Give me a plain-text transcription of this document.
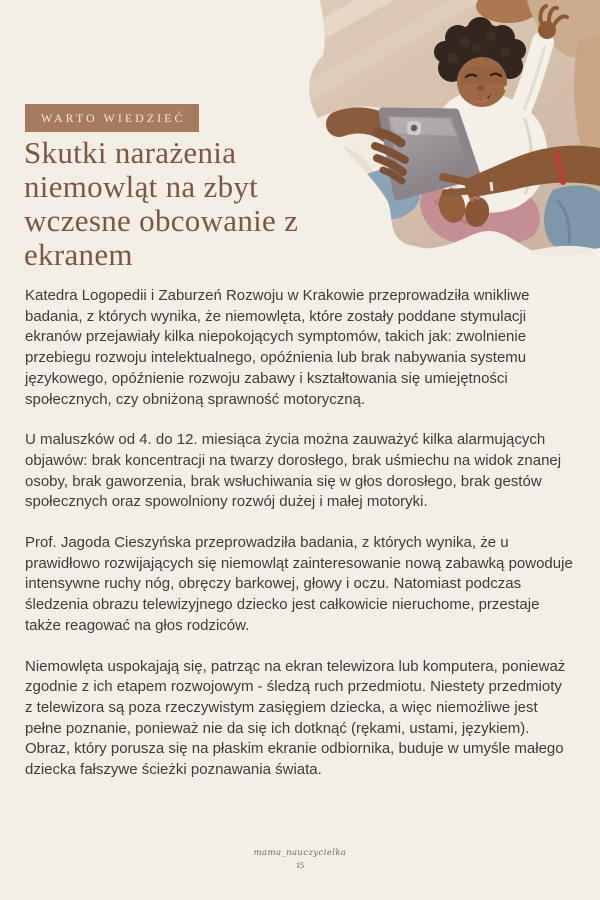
WARTO WIEDZIEĆ
Skutki narażenia niemowląt na zbyt wczesne obcowanie z ekranem

Katedra Logopedii i Zaburzeń Rozwoju w Krakowie przeprowadziła wnikliwe badania, z których wynika, że niemowlęta, które zostały poddane stymulacji ekranów przejawiały kilka niepokojących symptomów, takich jak: zwolnienie przebiegu rozwoju intelektualnego, opóźnienia lub brak nabywania systemu językowego, opóźnienie rozwoju zabawy i kształtowania się umiejętności społecznych, czy obniżoną sprawność motoryczną.

U maluszków od 4. do 12. miesiąca życia można zauważyć kilka alarmujących objawów: brak koncentracji na twarzy dorosłego, brak uśmiechu na widok znanej osoby, brak gaworzenia, brak wsłuchiwania się w głos dorosłego, brak gestów społecznych oraz spowolniony rozwój dużej i małej motoryki.

Prof. Jagoda Cieszyńska przeprowadziła badania, z których wynika, że u prawidłowo rozwijających się niemowląt zainteresowanie nową zabawką powoduje intensywne ruchy nóg, obręczy barkowej, głowy i oczu. Natomiast podczas śledzenia obrazu telewizyjnego dziecko jest całkowicie nieruchome, przestaje także reagować na głos rodziców.

Niemowlęta uspokajają się, patrząc na ekran telewizora lub komputera, ponieważ zgodnie z ich etapem rozwojowym - śledzą ruch przedmiotu. Niestety przedmioty z telewizora są poza rzeczywistym zasięgiem dziecka, a więc niemożliwe jest pełne poznanie, ponieważ nie da się ich dotknąć (rękami, ustami, językiem). Obraz, który porusza się na płaskim ekranie odbiornika, buduje w umyśle małego dziecka fałszywe ścieżki poznawania świata.

mama_nauczycielka
15
